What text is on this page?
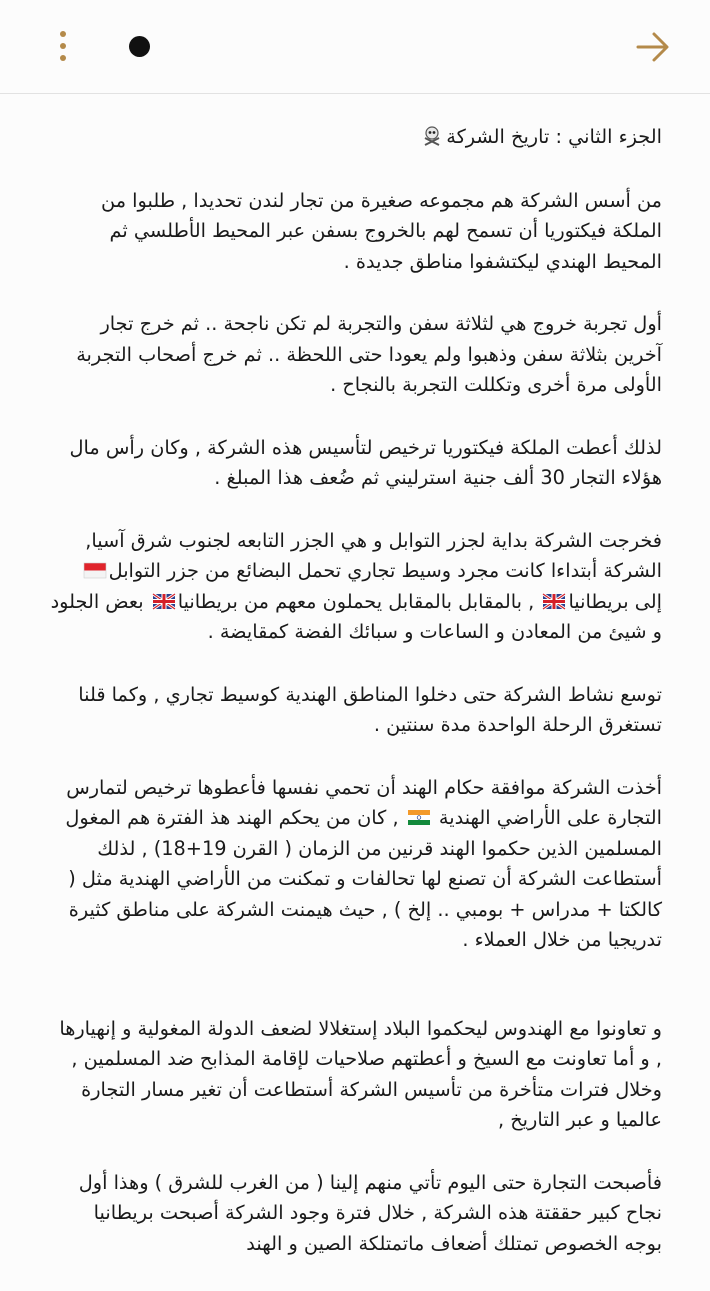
الجزء الثاني : تاريخ الشركة

من أسس الشركة هم مجموعه صغيرة من تجار لندن تحديدا , طلبوا من الملكة فيكتوريا أن تسمح لهم بالخروج بسفن عبر المحيط الأطلسي ثم المحيط الهندي ليكتشفوا مناطق جديدة .

أول تجربة خروج هي لثلاثة سفن والتجربة لم تكن ناجحة .. ثم خرج تجار آخرين بثلاثة سفن وذهبوا ولم يعودا حتى اللحظة .. ثم خرج أصحاب التجربة الأولى مرة أخرى وتكللت التجربة بالنجاح .

لذلك أعطت الملكة فيكتوريا ترخيص لتأسيس هذه الشركة , وكان رأس مال هؤلاء التجار 30 ألف جنية استرليني ثم ضُعف هذا المبلغ .

فخرجت الشركة بداية لجزر التوابل و هي الجزر التابعه لجنوب شرق آسيا, الشركة أبتداءا كانت مجرد وسيط تجاري تحمل البضائع من جزر التوابل
إلى بريطانيا
, بالمقابل بالمقابل يحملون معهم من بريطانيا
بعض الجلود و شيئ من المعادن و الساعات و سبائك الفضة كمقايضة .

توسع نشاط الشركة حتى دخلوا المناطق الهندية كوسيط تجاري , وكما قلنا تستغرق الرحلة الواحدة مدة سنتين .

أخذت الشركة موافقة حكام الهند أن تحمي نفسها فأعطوها ترخيص لتمارس التجارة على الأراضي الهندية
, كان من يحكم الهند هذ الفترة هم المغول المسلمين الذين حكموا الهند قرنين من الزمان ( القرن 19+18) , لذلك أستطاعت الشركة أن تصنع لها تحالفات و تمكنت من الأراضي الهندية مثل ( كالكتا + مدراس + بومبي .. إلخ ) , حيث هيمنت الشركة على مناطق كثيرة تدريجيا من خلال العملاء .

و تعاونوا مع الهندوس ليحكموا البلاد إستغلالا لضعف الدولة المغولية و إنهيارها , و أما تعاونت مع السيخ و أعطتهم صلاحيات لإقامة المذابح ضد المسلمين , وخلال فترات متأخرة من تأسيس الشركة أستطاعت أن تغير مسار التجارة عالميا و عبر التاريخ ,

فأصبحت التجارة حتى اليوم تأتي منهم إلينا ( من الغرب للشرق ) وهذا أول نجاح كبير حققتة هذه الشركة , خلال فترة وجود الشركة أصبحت بريطانيا بوجه الخصوص تمتلك أضعاف ماتمتلكة الصين و الهند
